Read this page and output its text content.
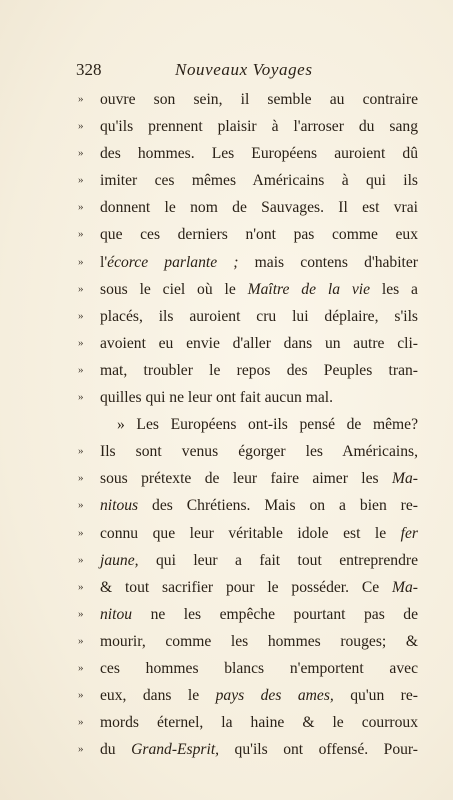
328	Nouveaux Voyages
»	ouvre son sein, il semble au contraire
»	qu'ils prennent plaisir à l'arroser du sang
»	des hommes. Les Européens auroient dû
»	imiter ces mêmes Américains à qui ils
»	donnent le nom de Sauvages. Il est vrai
»	que ces derniers n'ont pas comme eux
»	l'écorce parlante ; mais contens d'habiter
»	sous le ciel où le Maître de la vie les a
»	placés, ils auroient cru lui déplaire, s'ils
»	avoient eu envie d'aller dans un autre cli-
»	mat, troubler le repos des Peuples tran-
»	quilles qui ne leur ont fait aucun mal.
» Les Européens ont-ils pensé de même?
»	Ils sont venus égorger les Américains,
»	sous prétexte de leur faire aimer les Ma-
»	nitous des Chrétiens. Mais on a bien re-
»	connu que leur véritable idole est le fer
»	jaune, qui leur a fait tout entreprendre
»	& tout sacrifier pour le posséder. Ce Ma-
»	nitou ne les empêche pourtant pas de
»	mourir, comme les hommes rouges; &
»	ces hommes blancs n'emportent avec
»	eux, dans le pays des ames, qu'un re-
»	mords éternel, la haine & le courroux
»	du Grand-Esprit, qu'ils ont offensé. Pour-
